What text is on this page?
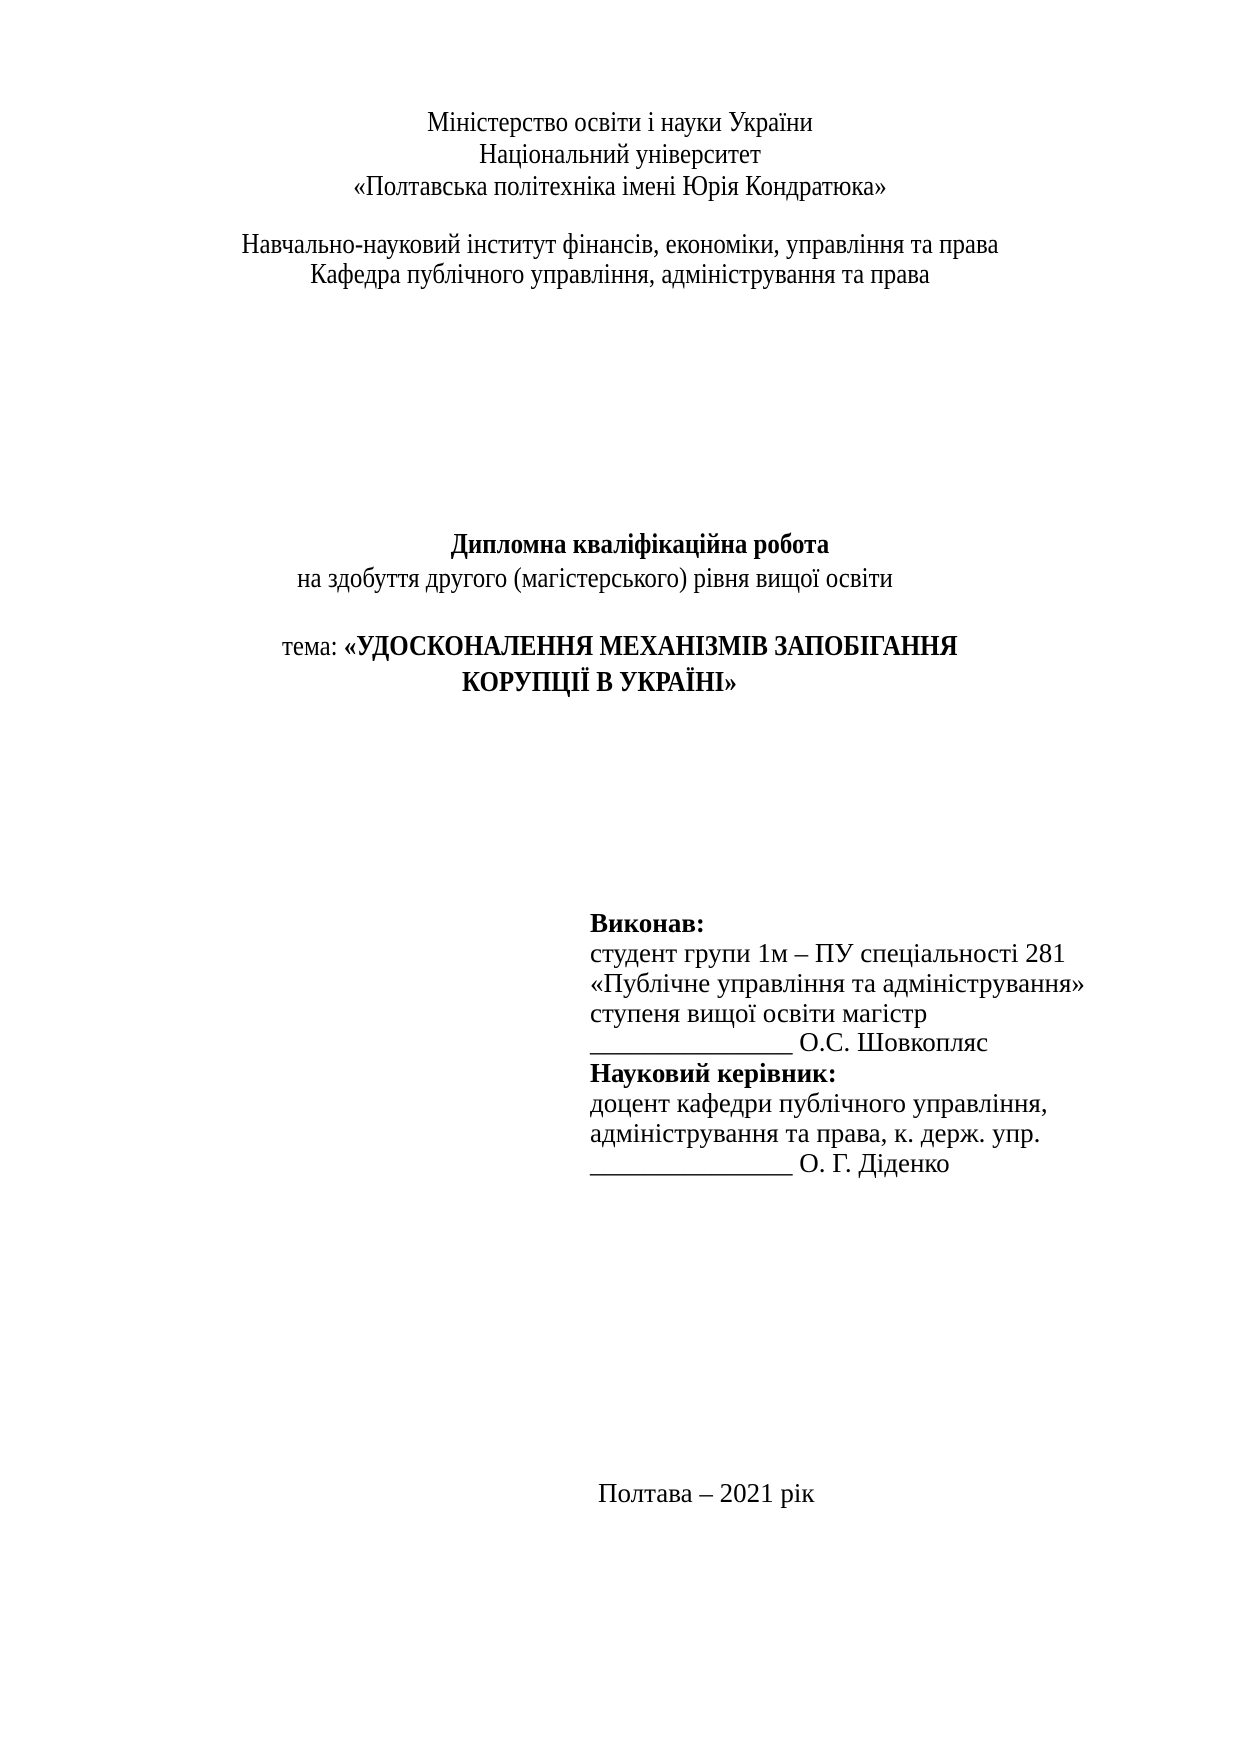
Міністерство освіти і науки України
Національний університет
«Полтавська політехніка імені Юрія Кондратюка»
Навчально-науковий інститут фінансів, економіки, управління та права
Кафедра публічного управління, адміністрування та права
Дипломна кваліфікаційна робота
на здобуття другого (магістерського) рівня вищої освіти
тема: «УДОСКОНАЛЕННЯ МЕХАНІЗМІВ ЗАПОБІГАННЯ
КОРУПЦІЇ В УКРАЇНІ»
Виконав:
студент групи 1м – ПУ спеціальності 281
«Публічне управління та адміністрування»
ступеня вищої освіти магістр
_______________ О.С. Шовкопляс
Науковий керівник:
доцент кафедри публічного управління,
адміністрування та права, к. держ. упр.
_______________ О. Г. Діденко
Полтава – 2021 рік
